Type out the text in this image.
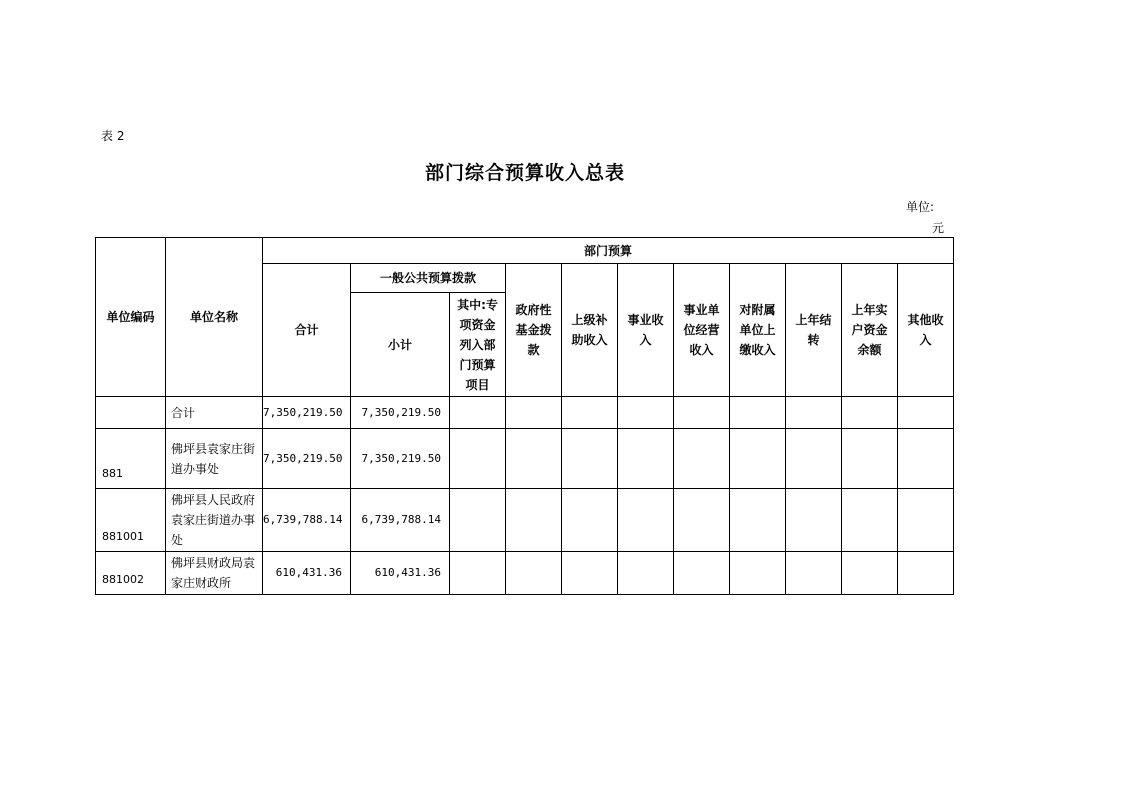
表 2
部门综合预算收入总表
单位:
元
单位编码	单位名称	部门预算										
		合计	一般公共预算拨款		政府性基金拨款	上级补助收入	事业收入	事业单位经营收入	对附属单位上缴收入	上年结转	上年实户资金余额	其他收入
			小计	其中:专项资金列入部门预算项目								
	合计	7,350,219.50	7,350,219.50									
881	佛坪县袁家庄街道办事处	7,350,219.50	7,350,219.50									
881001	佛坪县人民政府袁家庄街道办事处	6,739,788.14	6,739,788.14									
881002	佛坪县财政局袁家庄财政所	610,431.36	610,431.36									
